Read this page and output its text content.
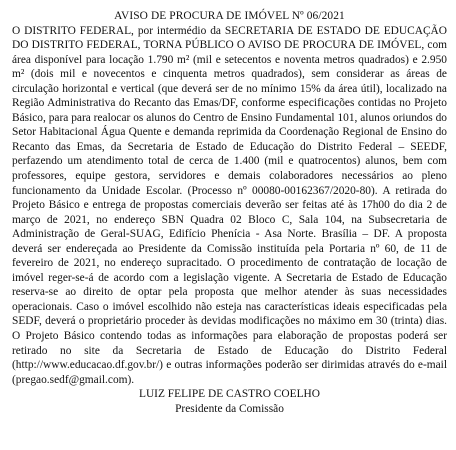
AVISO DE PROCURA DE IMÓVEL Nº 06/2021

O DISTRITO FEDERAL, por intermédio da SECRETARIA DE ESTADO DE EDUCAÇÃO DO DISTRITO FEDERAL, TORNA PÚBLICO O AVISO DE PROCURA DE IMÓVEL, com área disponível para locação 1.790 m² (mil e setecentos e noventa metros quadrados) e 2.950 m² (dois mil e novecentos e cinquenta metros quadrados), sem considerar as áreas de circulação horizontal e vertical (que deverá ser de no mínimo 15% da área útil), localizado na Região Administrativa do Recanto das Emas/DF, conforme especificações contidas no Projeto Básico, para para realocar os alunos do Centro de Ensino Fundamental 101, alunos oriundos do Setor Habitacional Água Quente e demanda reprimida da Coordenação Regional de Ensino do Recanto das Emas, da Secretaria de Estado de Educação do Distrito Federal – SEEDF, perfazendo um atendimento total de cerca de 1.400 (mil e quatrocentos) alunos, bem com professores, equipe gestora, servidores e demais colaboradores necessários ao pleno funcionamento da Unidade Escolar. (Processo nº 00080-00162367/2020-80). A retirada do Projeto Básico e entrega de propostas comerciais deverão ser feitas até às 17h00 do dia 2 de março de 2021, no endereço SBN Quadra 02 Bloco C, Sala 104, na Subsecretaria de Administração de Geral-SUAG, Edifício Phenícia - Asa Norte. Brasília – DF. A proposta deverá ser endereçada ao Presidente da Comissão instituída pela Portaria nº 60, de 11 de fevereiro de 2021, no endereço supracitado. O procedimento de contratação de locação de imóvel reger-se-á de acordo com a legislação vigente. A Secretaria de Estado de Educação reserva-se ao direito de optar pela proposta que melhor atender às suas necessidades operacionais. Caso o imóvel escolhido não esteja nas características ideais especificadas pela SEDF, deverá o proprietário proceder às devidas modificações no máximo em 30 (trinta) dias. O Projeto Básico contendo todas as informações para elaboração de propostas poderá ser retirado no site da Secretaria de Estado de Educação do Distrito Federal (http://www.educacao.df.gov.br/) e outras informações poderão ser dirimidas através do e-mail (pregao.sedf@gmail.com).

LUIZ FELIPE DE CASTRO COELHO

Presidente da Comissão
